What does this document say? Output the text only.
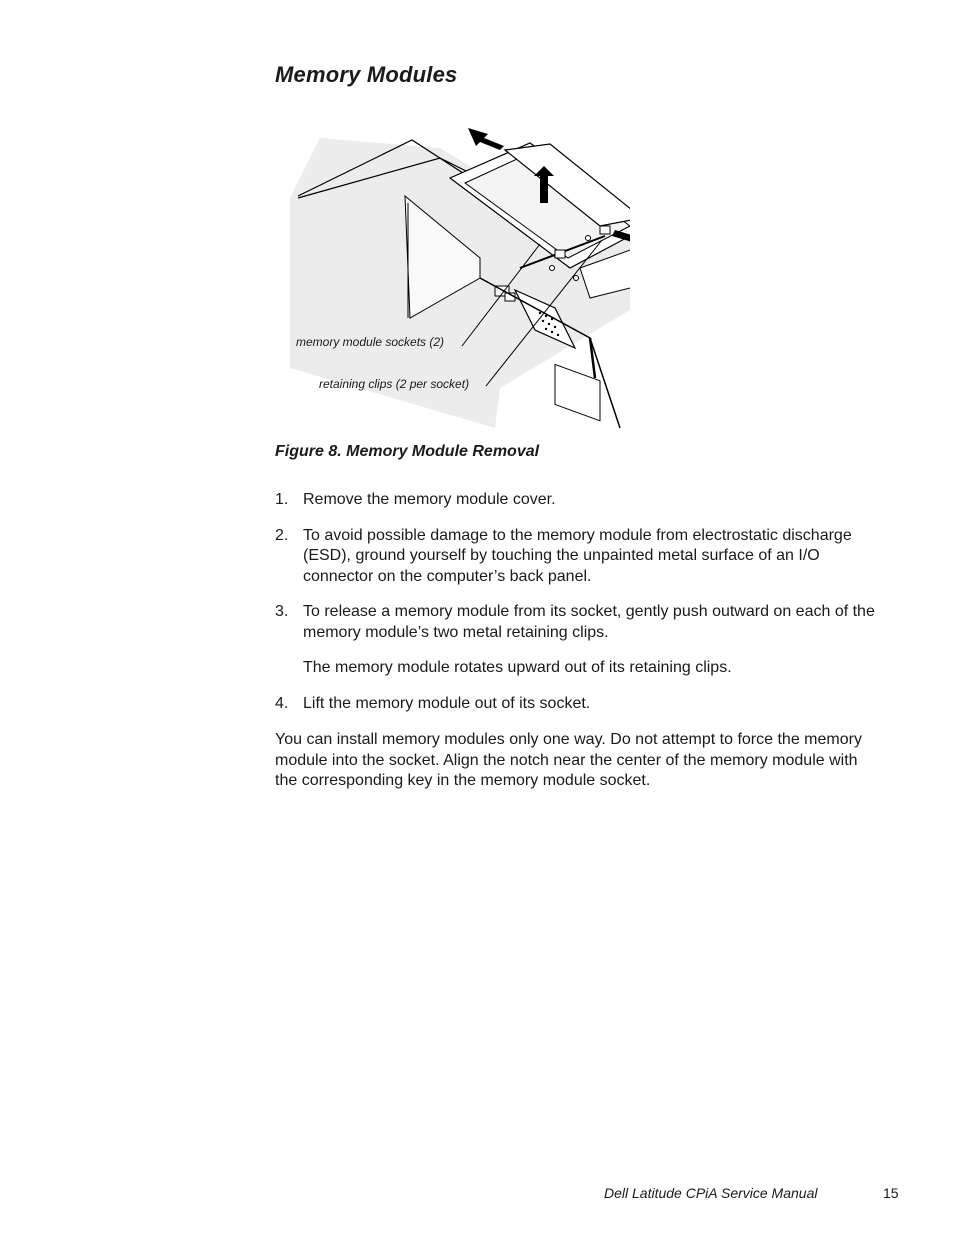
Memory Modules
memory module sockets (2)
retaining clips (2 per socket)
Figure 8. Memory Module Removal
1. Remove the memory module cover.
2. To avoid possible damage to the memory module from electrostatic discharge (ESD), ground yourself by touching the unpainted metal surface of an I/O connector on the computer’s back panel.
3. To release a memory module from its socket, gently push outward on each of the memory module’s two metal retaining clips.
The memory module rotates upward out of its retaining clips.
4. Lift the memory module out of its socket.

You can install memory modules only one way. Do not attempt to force the memory module into the socket. Align the notch near the center of the memory module with the corresponding key in the memory module socket.

Dell Latitude CPiA Service Manual	15
